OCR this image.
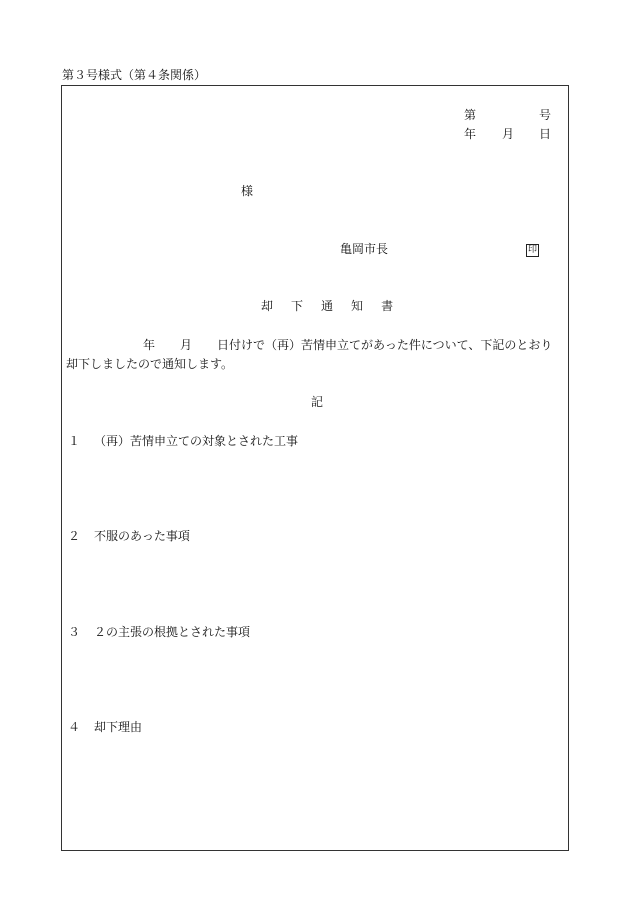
第３号様式（第４条関係）
第	号
年 月 日
様
亀岡市長	印
却 下 通 知 書
年 月 日付けで（再）苦情申立てがあった件について、下記のとおり
却下しましたので通知します。
記
１ （再）苦情申立ての対象とされた工事
２ 不服のあった事項
３ ２の主張の根拠とされた事項
４ 却下理由
